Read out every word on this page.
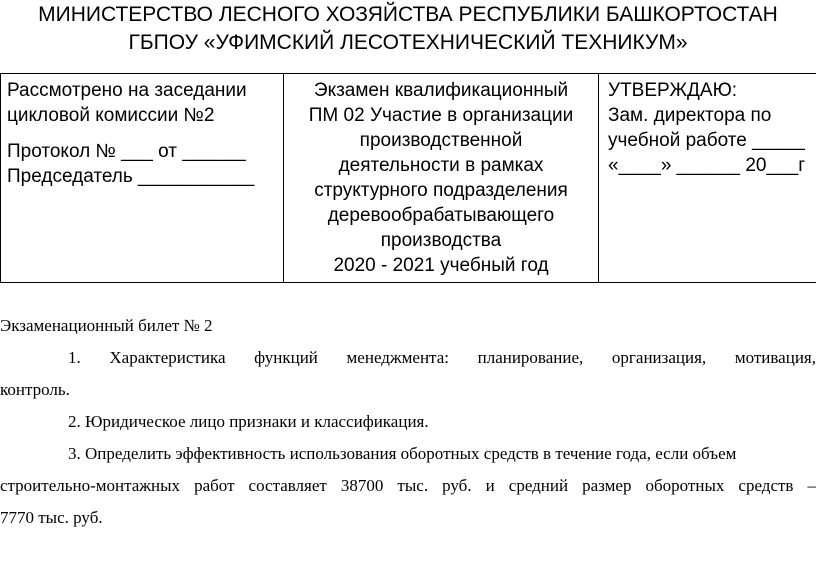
МИНИСТЕРСТВО ЛЕСНОГО ХОЗЯЙСТВА РЕСПУБЛИКИ БАШКОРТОСТАН
ГБПОУ «УФИМСКИЙ ЛЕСОТЕХНИЧЕСКИЙ ТЕХНИКУМ»
Рассмотрено на заседании
цикловой комиссии №2
Протокол № ___ от ______
Председатель ___________
Экзамен квалификационный
ПМ 02 Участие в организации
производственной
деятельности в рамках
структурного подразделения
деревообрабатывающего
производства
2020 - 2021 учебный год
УТВЕРЖДАЮ:
Зам. директора по
учебной работе _____
«____» ______ 20___г

Экзаменационный билет № 2

1. Характеристика функций менеджмента: планирование, организация, мотивация,

контроль.

2. Юридическое лицо признаки и классификация.

3. Определить эффективность использования оборотных средств в течение года, если объем

строительно-монтажных работ составляет 38700 тыс. руб. и средний размер оборотных средств –

7770 тыс. руб.
